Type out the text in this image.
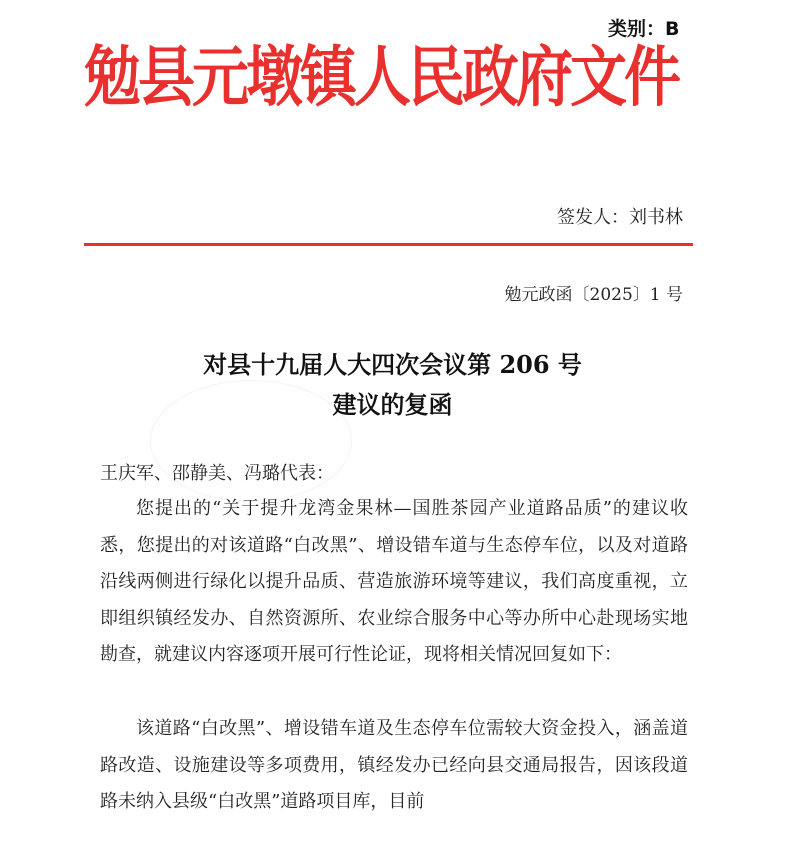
类别：B
勉县元墩镇人民政府文件
签发人：刘书林
勉元政函〔2025〕1 号
对县十九届人大四次会议第 206 号
建议的复函
王庆军、邵静美、冯璐代表：

您提出的“关于提升龙湾金果林—国胜茶园产业道路品质”的建议收悉，您提出的对该道路“白改黑”、增设错车道与生态停车位，以及对道路沿线两侧进行绿化以提升品质、营造旅游环境等建议，我们高度重视，立即组织镇经发办、自然资源所、农业综合服务中心等办所中心赴现场实地勘查，就建议内容逐项开展可行性论证，现将相关情况回复如下：

该道路“白改黑”、增设错车道及生态停车位需较大资金投入，涵盖道路改造、设施建设等多项费用，镇经发办已经向县交通局报告，因该段道路未纳入县级“白改黑”道路项目库，目前
